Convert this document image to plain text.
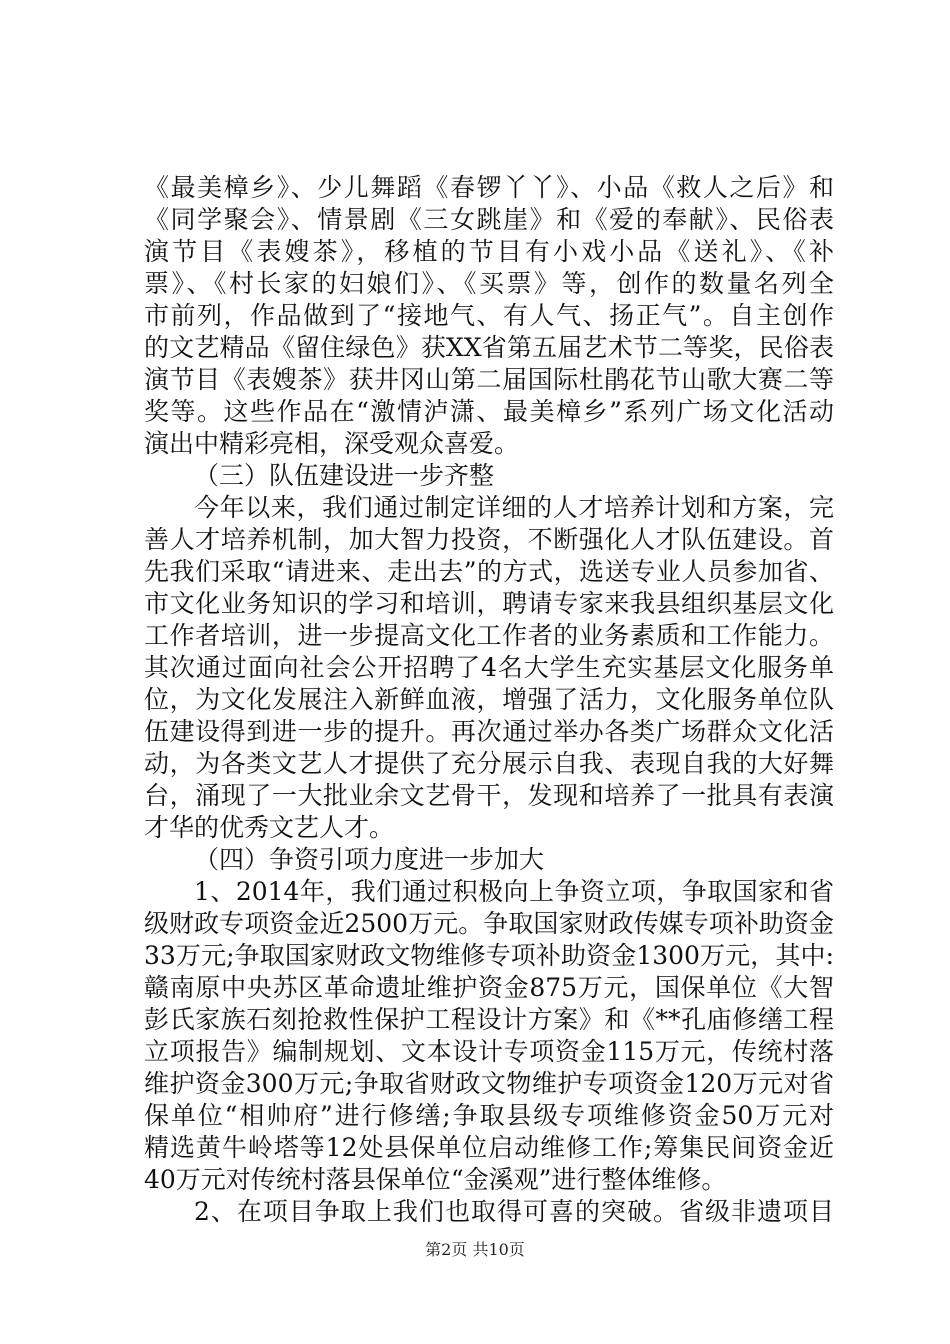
《最美樟乡》、少儿舞蹈《春锣丫丫》、小品《救人之后》和
《同学聚会》、情景剧《三女跳崖》和《爱的奉献》、民俗表
演节目《表嫂茶》，移植的节目有小戏小品《送礼》、《补
票》、《村长家的妇娘们》、《买票》等，创作的数量名列全
市前列，作品做到了“接地气、有人气、扬正气”。自主创作
的文艺精品《留住绿色》获XX省第五届艺术节二等奖，民俗表
演节目《表嫂茶》获井冈山第二届国际杜鹃花节山歌大赛二等
奖等。这些作品在“激情泸潇、最美樟乡”系列广场文化活动
演出中精彩亮相，深受观众喜爱。
（三）队伍建设进一步齐整
今年以来，我们通过制定详细的人才培养计划和方案，完
善人才培养机制，加大智力投资，不断强化人才队伍建设。首
先我们采取“请进来、走出去”的方式，选送专业人员参加省、
市文化业务知识的学习和培训，聘请专家来我县组织基层文化
工作者培训，进一步提高文化工作者的业务素质和工作能力。
其次通过面向社会公开招聘了4名大学生充实基层文化服务单
位，为文化发展注入新鲜血液，增强了活力，文化服务单位队
伍建设得到进一步的提升。再次通过举办各类广场群众文化活
动，为各类文艺人才提供了充分展示自我、表现自我的大好舞
台，涌现了一大批业余文艺骨干，发现和培养了一批具有表演
才华的优秀文艺人才。
（四）争资引项力度进一步加大
1、2014年，我们通过积极向上争资立项，争取国家和省
级财政专项资金近2500万元。争取国家财政传媒专项补助资金
33万元;争取国家财政文物维修专项补助资金1300万元，其中:
赣南原中央苏区革命遗址维护资金875万元，国保单位《大智
彭氏家族石刻抢救性保护工程设计方案》和《**孔庙修缮工程
立项报告》编制规划、文本设计专项资金115万元，传统村落
维护资金300万元;争取省财政文物维护专项资金120万元对省
保单位“相帅府”进行修缮;争取县级专项维修资金50万元对
精选黄牛岭塔等12处县保单位启动维修工作;筹集民间资金近
40万元对传统村落县保单位“金溪观”进行整体维修。
2、在项目争取上我们也取得可喜的突破。省级非遗项目
第2页 共10页
